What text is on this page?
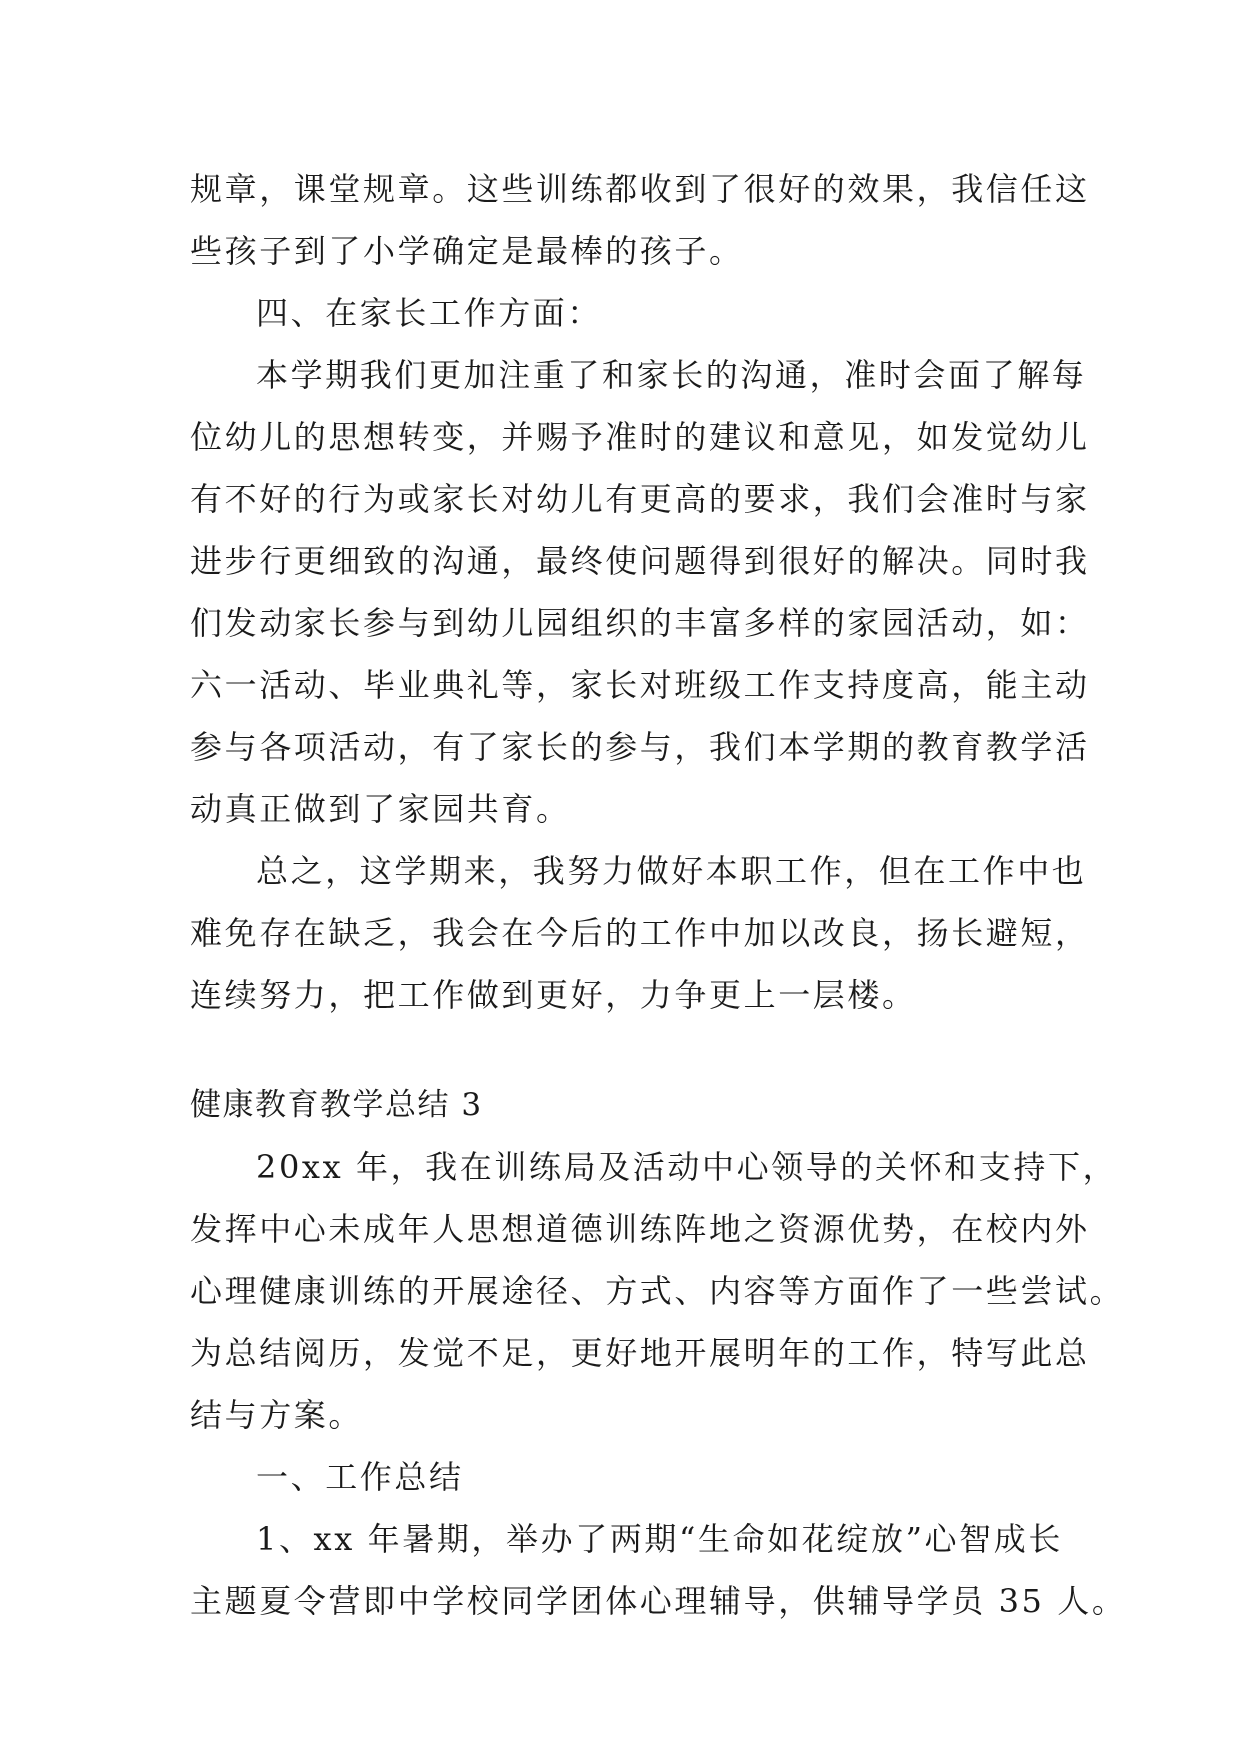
规章，课堂规章。这些训练都收到了很好的效果，我信任这
些孩子到了小学确定是最棒的孩子。
四、在家长工作方面：
本学期我们更加注重了和家长的沟通，准时会面了解每
位幼儿的思想转变，并赐予准时的建议和意见，如发觉幼儿
有不好的行为或家长对幼儿有更高的要求，我们会准时与家
进步行更细致的沟通，最终使问题得到很好的解决。同时我
们发动家长参与到幼儿园组织的丰富多样的家园活动，如：
六一活动、毕业典礼等，家长对班级工作支持度高，能主动
参与各项活动，有了家长的参与，我们本学期的教育教学活
动真正做到了家园共育。
总之，这学期来，我努力做好本职工作，但在工作中也
难免存在缺乏，我会在今后的工作中加以改良，扬长避短，
连续努力，把工作做到更好，力争更上一层楼。
健康教育教学总结 3
20xx 年，我在训练局及活动中心领导的关怀和支持下，
发挥中心未成年人思想道德训练阵地之资源优势，在校内外
心理健康训练的开展途径、方式、内容等方面作了一些尝试。
为总结阅历，发觉不足，更好地开展明年的工作，特写此总
结与方案。
一、工作总结
1、xx 年暑期，举办了两期“生命如花绽放”心智成长
主题夏令营即中学校同学团体心理辅导，供辅导学员 35 人。
